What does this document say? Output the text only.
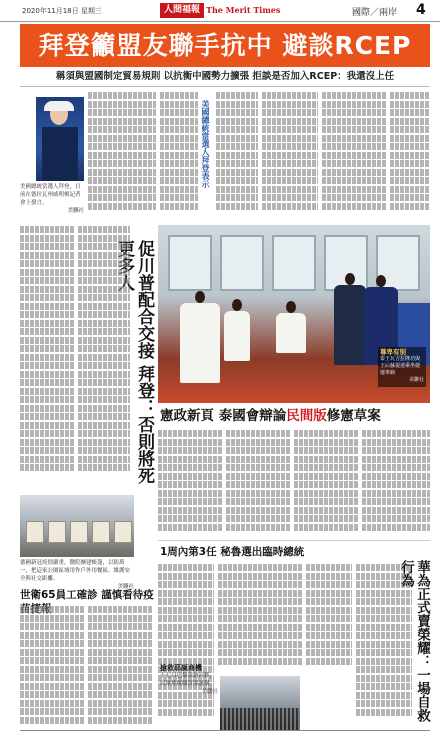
2020年11月18日 星期三	人間福報 The Merit Times	國際／兩岸 4
拜登籲盟友聯手抗中 避談RCEP
稱須與盟國制定貿易規則 以抗衡中國勢力擴張 拒談是否加入RCEP：我還沒上任
美國總統當選人拜登表示
美國總統當選人拜登，日前在德拉瓦州威明頓記者會上發言。
美聯社
促川普配合交接 拜登：否則將死
德國新冠疫情嚴重，醫院擴建帳篷，以防萬一，把這家公園區域用作戶外用餐區，維護安全與社交距離。
美聯社
世衛65員工確診 謹慎看待疫
尊卑有別
泰王瓦吉拉隆功與王后蘇提達乘坐捷運車廂
美聯社
憲政新頁 泰國會辯論民間版修憲草案
1周內第3任 秘魯選出臨時總統
搶救耶誕商機
十七日巴黎塞納河畔，民眾排隊購買耶誕樹。
美聯社	華為正式賣榮耀：一場自救行為
